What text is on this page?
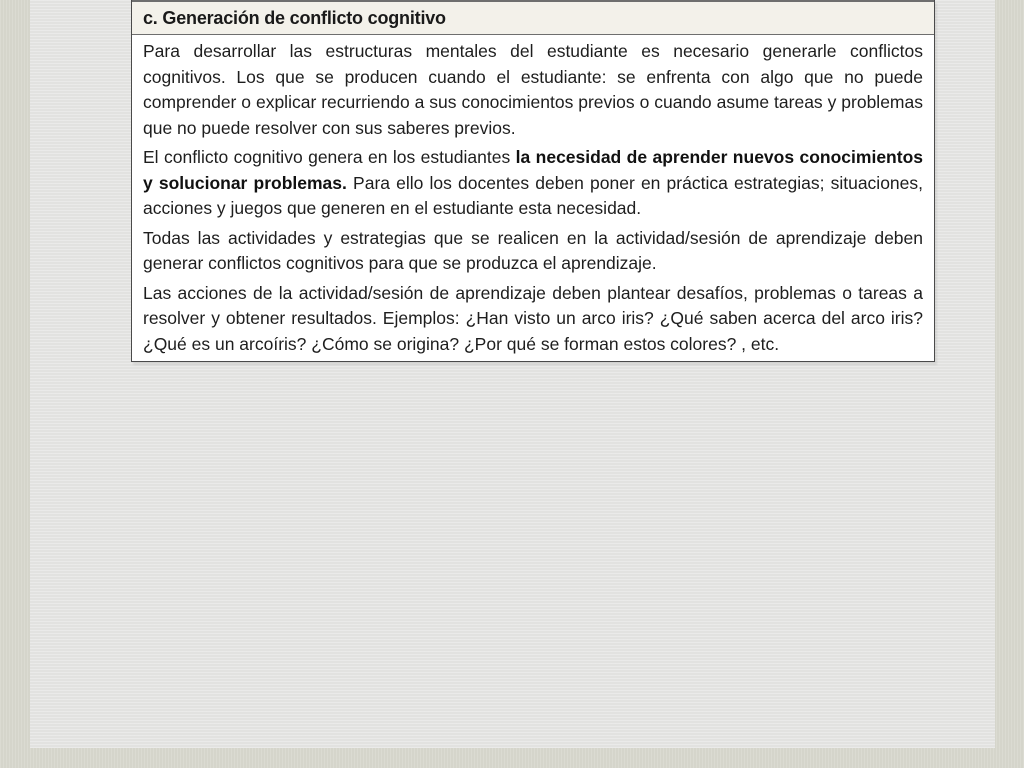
c. Generación de conflicto cognitivo

Para desarrollar las estructuras mentales del estudiante es necesario generarle conflictos cognitivos. Los que se producen cuando el estudiante: se enfrenta con algo que no puede comprender o explicar recurriendo a sus conocimientos previos o cuando asume tareas y problemas que no puede resolver con sus saberes previos.

El conflicto cognitivo genera en los estudiantes la necesidad de aprender nuevos conocimientos y solucionar problemas. Para ello los docentes deben poner en práctica estrategias; situaciones, acciones y juegos que generen en el estudiante esta necesidad.

Todas las actividades y estrategias que se realicen en la actividad/sesión de aprendizaje deben generar conflictos cognitivos para que se produzca el aprendizaje.

Las acciones de la actividad/sesión de aprendizaje deben plantear desafíos, problemas o tareas a resolver y obtener resultados. Ejemplos: ¿Han visto un arco iris? ¿Qué saben acerca del arco iris? ¿Qué es un arcoíris? ¿Cómo se origina? ¿Por qué se forman estos colores? , etc.
